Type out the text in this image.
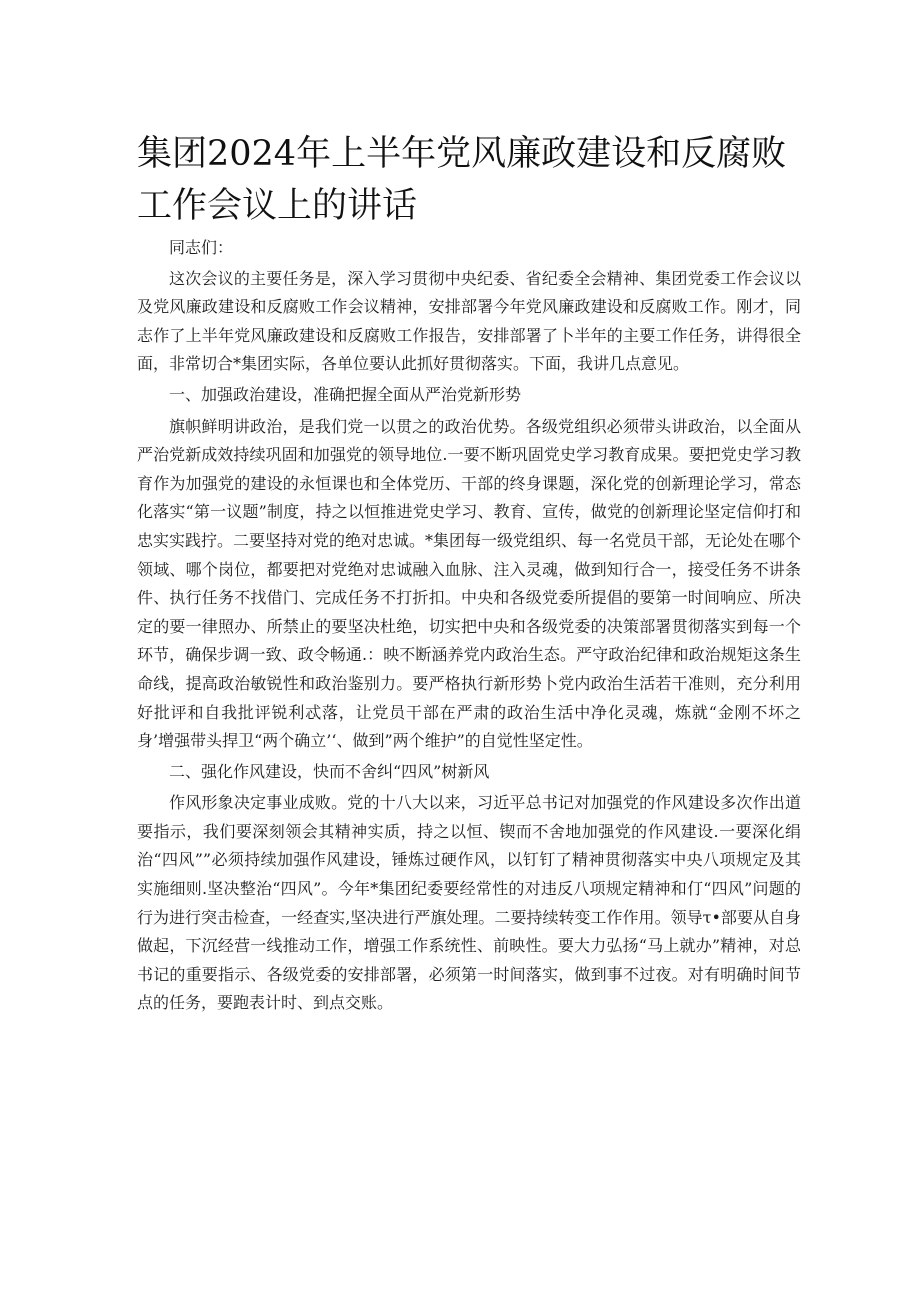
集团2024年上半年党风廉政建设和反腐败工作会议上的讲话

同志们：

这次会议的主要任务是，深入学习贯彻中央纪委、省纪委全会精神、集团党委工作会议以及党风廉政建设和反腐败工作会议精神，安排部署今年党风廉政建设和反腐败工作。刚才，同志作了上半年党风廉政建设和反腐败工作报告，安排部署了卜半年的主要工作任务，讲得很全面，非常切合*集团实际，各单位要认此抓好贯彻落实。下面，我讲几点意见。

一、加强政治建设，准确把握全面从严治党新形势

旗帜鲜明讲政治，是我们党一以贯之的政治优势。各级党组织必须带头讲政治，以全面从严治党新成效持续巩固和加强党的领导地位.一要不断巩固党史学习教育成果。要把党史学习教育作为加强党的建设的永恒课也和全体党历、干部的终身课题，深化党的创新理论学习，常态化落实“第一议题”制度，持之以恒推进党史学习、教育、宣传，做党的创新理论坚定信仰打和忠实实践拧。二要坚持对党的绝对忠诚。*集团每一级党组织、每一名党员干部，无论处在哪个领域、哪个岗位，都要把对党绝对忠诚融入血脉、注入灵魂，做到知行合一，接受任务不讲条件、执行任务不找借门、完成任务不打折扣。中央和各级党委所提倡的要第一时间响应、所决定的要一律照办、所禁止的要坚决杜绝，切实把中央和各级党委的决策部署贯彻落实到每一个环节，确保步调一致、政令畅通.：映不断涵养党内政治生态。严守政治纪律和政治规矩这条生命线，提高政治敏锐性和政治鉴别力。要严格执行新形势卜党内政治生活若干准则，充分利用好批评和自我批评锐利忒落，让党员干部在严肃的政治生活中净化灵魂，炼就“金刚不坏之身’增强带头捍卫“两个确立’‘、做到”两个维护”的自觉性坚定性。

二、强化作风建设，快而不舍纠“四风”树新风

作风形象决定事业成败。党的十八大以来，习近平总书记对加强党的作风建设多次作出道要指示，我们要深刻领会其精神实质，持之以恒、锲而不舍地加强党的作风建设.一要深化绢治“四风””必须持续加强作风建设，锤炼过硬作风，以钉钉了精神贯彻落实中央八项规定及其实施细则.坚决整治“四风”。今年*集团纪委要经常性的对违反八项规定精神和仃“四风”问题的行为进行突击检查，一经查实,坚决进行严旗处理。二要持续转变工作作用。领导τ•部要从自身做起，下沉经营一线推动工作，增强工作系统性、前映性。要大力弘扬“马上就办”精神，对总书记的重要指示、各级党委的安排部署，必须第一时间落实，做到事不过夜。对有明确时间节点的任务，要跑表计时、到点交账。
